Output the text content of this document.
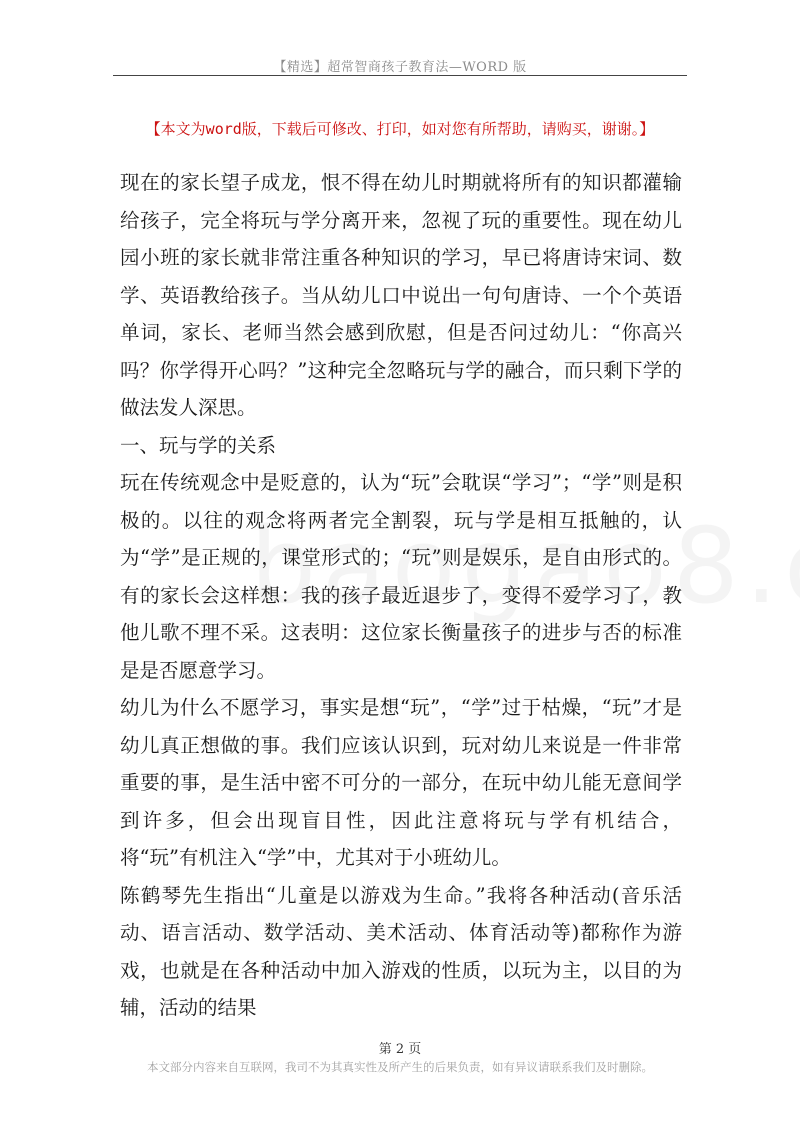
【精选】超常智商孩子教育法—WORD 版
【本文为word版，下载后可修改、打印，如对您有所帮助，请购买，谢谢。】

现在的家长望子成龙，恨不得在幼儿时期就将所有的知识都灌输给孩子，完全将玩与学分离开来，忽视了玩的重要性。现在幼儿园小班的家长就非常注重各种知识的学习，早已将唐诗宋词、数学、英语教给孩子。当从幼儿口中说出一句句唐诗、一个个英语单词，家长、老师当然会感到欣慰，但是否问过幼儿：“你高兴吗？你学得开心吗？”这种完全忽略玩与学的融合，而只剩下学的做法发人深思。

一、玩与学的关系

玩在传统观念中是贬意的，认为“玩”会耽误“学习”；“学”则是积极的。以往的观念将两者完全割裂，玩与学是相互抵触的，认为“学”是正规的，课堂形式的；“玩”则是娱乐，是自由形式的。有的家长会这样想：我的孩子最近退步了，变得不爱学习了，教他儿歌不理不采。这表明：这位家长衡量孩子的进步与否的标准是是否愿意学习。

幼儿为什么不愿学习，事实是想“玩”，“学”过于枯燥，“玩”才是幼儿真正想做的事。我们应该认识到，玩对幼儿来说是一件非常重要的事，是生活中密不可分的一部分，在玩中幼儿能无意间学到许多，但会出现盲目性，因此注意将玩与学有机结合，将“玩”有机注入“学”中，尤其对于小班幼儿。

陈鹤琴先生指出“儿童是以游戏为生命。”我将各种活动(音乐活动、语言活动、数学活动、美术活动、体育活动等)都称作为游戏，也就是在各种活动中加入游戏的性质，以玩为主，以目的为辅，活动的结果

第 2 页
本文部分内容来自互联网，我司不为其真实性及所产生的后果负责，如有异议请联系我们及时删除。
